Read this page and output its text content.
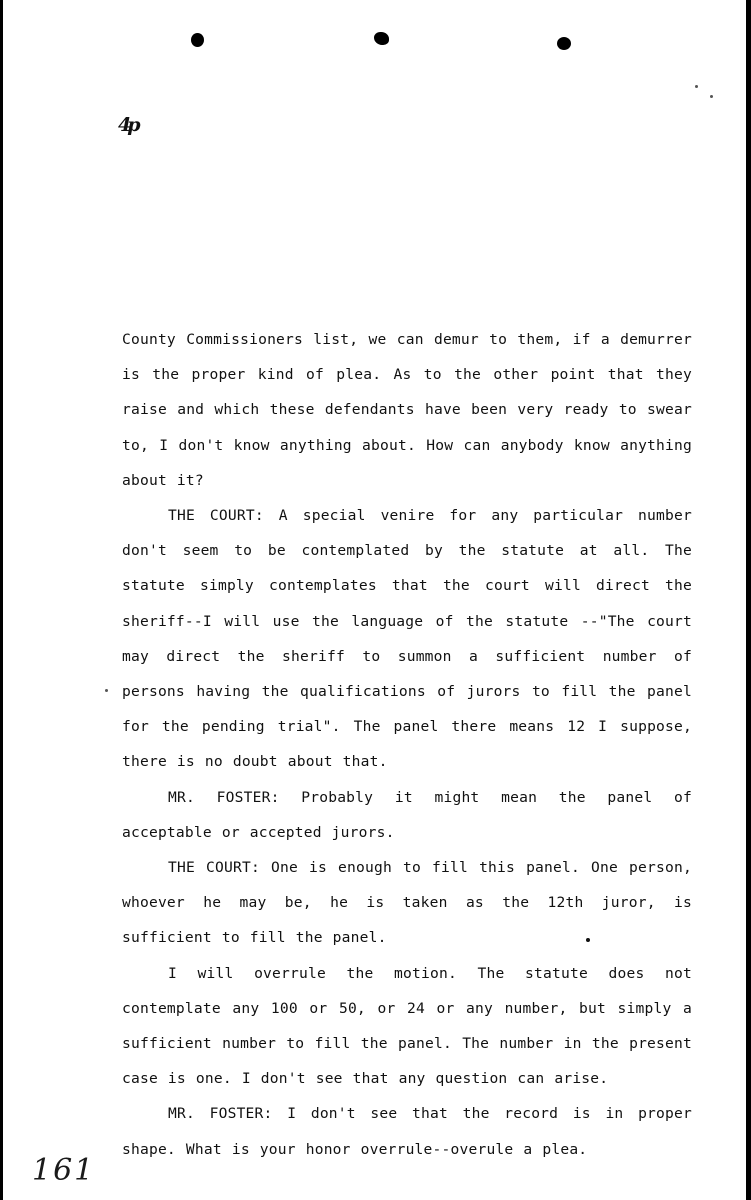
4p

County Commissioners list, we can demur to them, if a demurrer is the proper kind of plea. As to the other point that they raise and which these defendants have been very ready to swear to, I don't know anything about. How can anybody know anything about it?

THE COURT: A special venire for any particular number don't seem to be contemplated by the statute at all. The statute simply contemplates that the court will direct the sheriff--I will use the language of the statute --"The court may direct the sheriff to summon a sufficient number of persons having the qualifications of jurors to fill the panel for the pending trial". The panel there means 12 I suppose, there is no doubt about that.

MR. FOSTER: Probably it might mean the panel of acceptable or accepted jurors.

THE COURT: One is enough to fill this panel. One person, whoever he may be, he is taken as the 12th juror, is sufficient to fill the panel.

I will overrule the motion. The statute does not contemplate any 100 or 50, or 24 or any number, but simply a sufficient number to fill the panel. The number in the present case is one. I don't see that any question can arise.

MR. FOSTER: I don't see that the record is in proper shape. What is your honor overrule--overule a plea.

161
